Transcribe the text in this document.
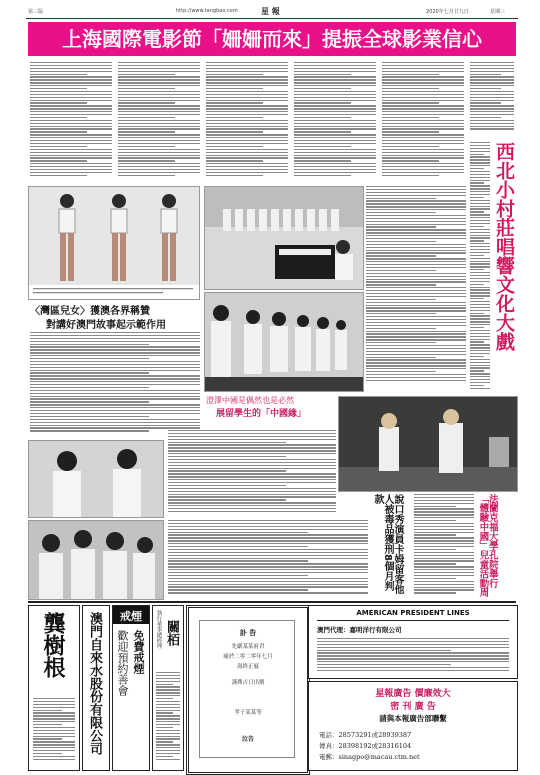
第三版	http://www.tangbao.com	星 報	2020年七月廿九日	星期三
上海國際電影節「姍姍而來」提振全球影業信心
西北小村莊唱響文化大戲
〈灣區兒女〉獲澳各界稱贊
對講好澳門故事起示範作用
澄澤中國是偶然也是必然
展留學生的「中國緣」
說口秀演員卡姆留客他人被毒品獲刑8個月判款	法蘭克福大學孔院舉行「體驗中國」兒童活動周
龔樹根 澳門自來水股份有限公司	戒煙
免費戒煙
歡迎預約善會
執行董事總經理 關栢	訃 告
先嚴某某府君
痛於二零二零年七月
壽終正寢
謹擇吉日出殯
孝子某某等
泣告
AMERICAN PRESIDENT LINES
澳門代理：嘉明洋行有限公司
星報廣告 價廉效大
密 刊 廣 告
請與本報廣告部聯繫
電話：28573291或28939387
傳真：28398192或28316104
電郵：sinagpo@macau.ctm.net
